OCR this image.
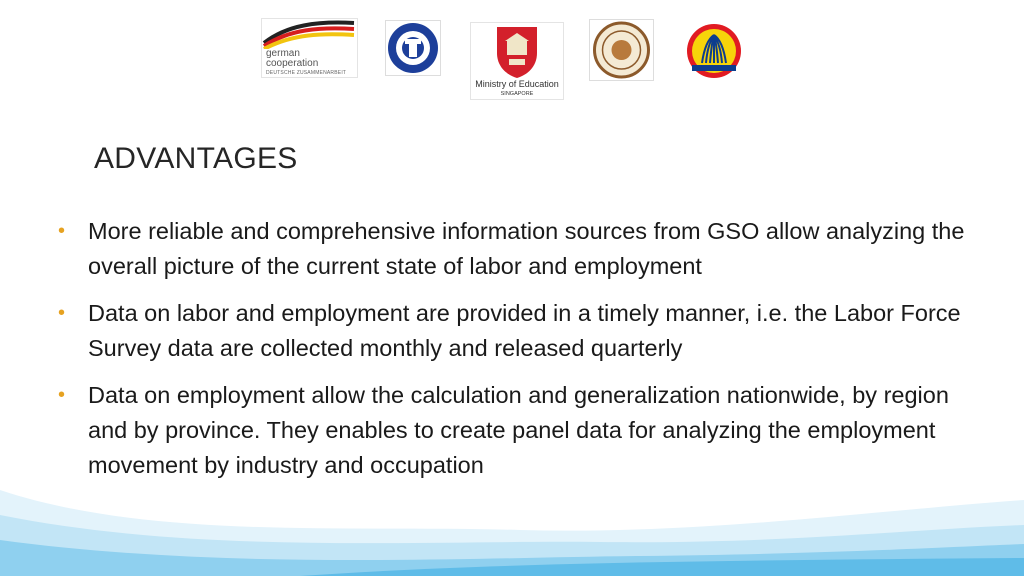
german
cooperation
DEUTSCHE ZUSAMMENARBEIT
Ministry of Education
SINGAPORE
ADVANTAGES
• More reliable and comprehensive information sources from GSO allow analyzing the overall picture of the current state of labor and employment
• Data on labor and employment are provided in a timely manner, i.e. the Labor Force Survey data are collected monthly and released quarterly
• Data on employment allow the calculation and generalization nationwide, by region and by province. They enables to create panel data for analyzing the employment movement by industry and occupation
